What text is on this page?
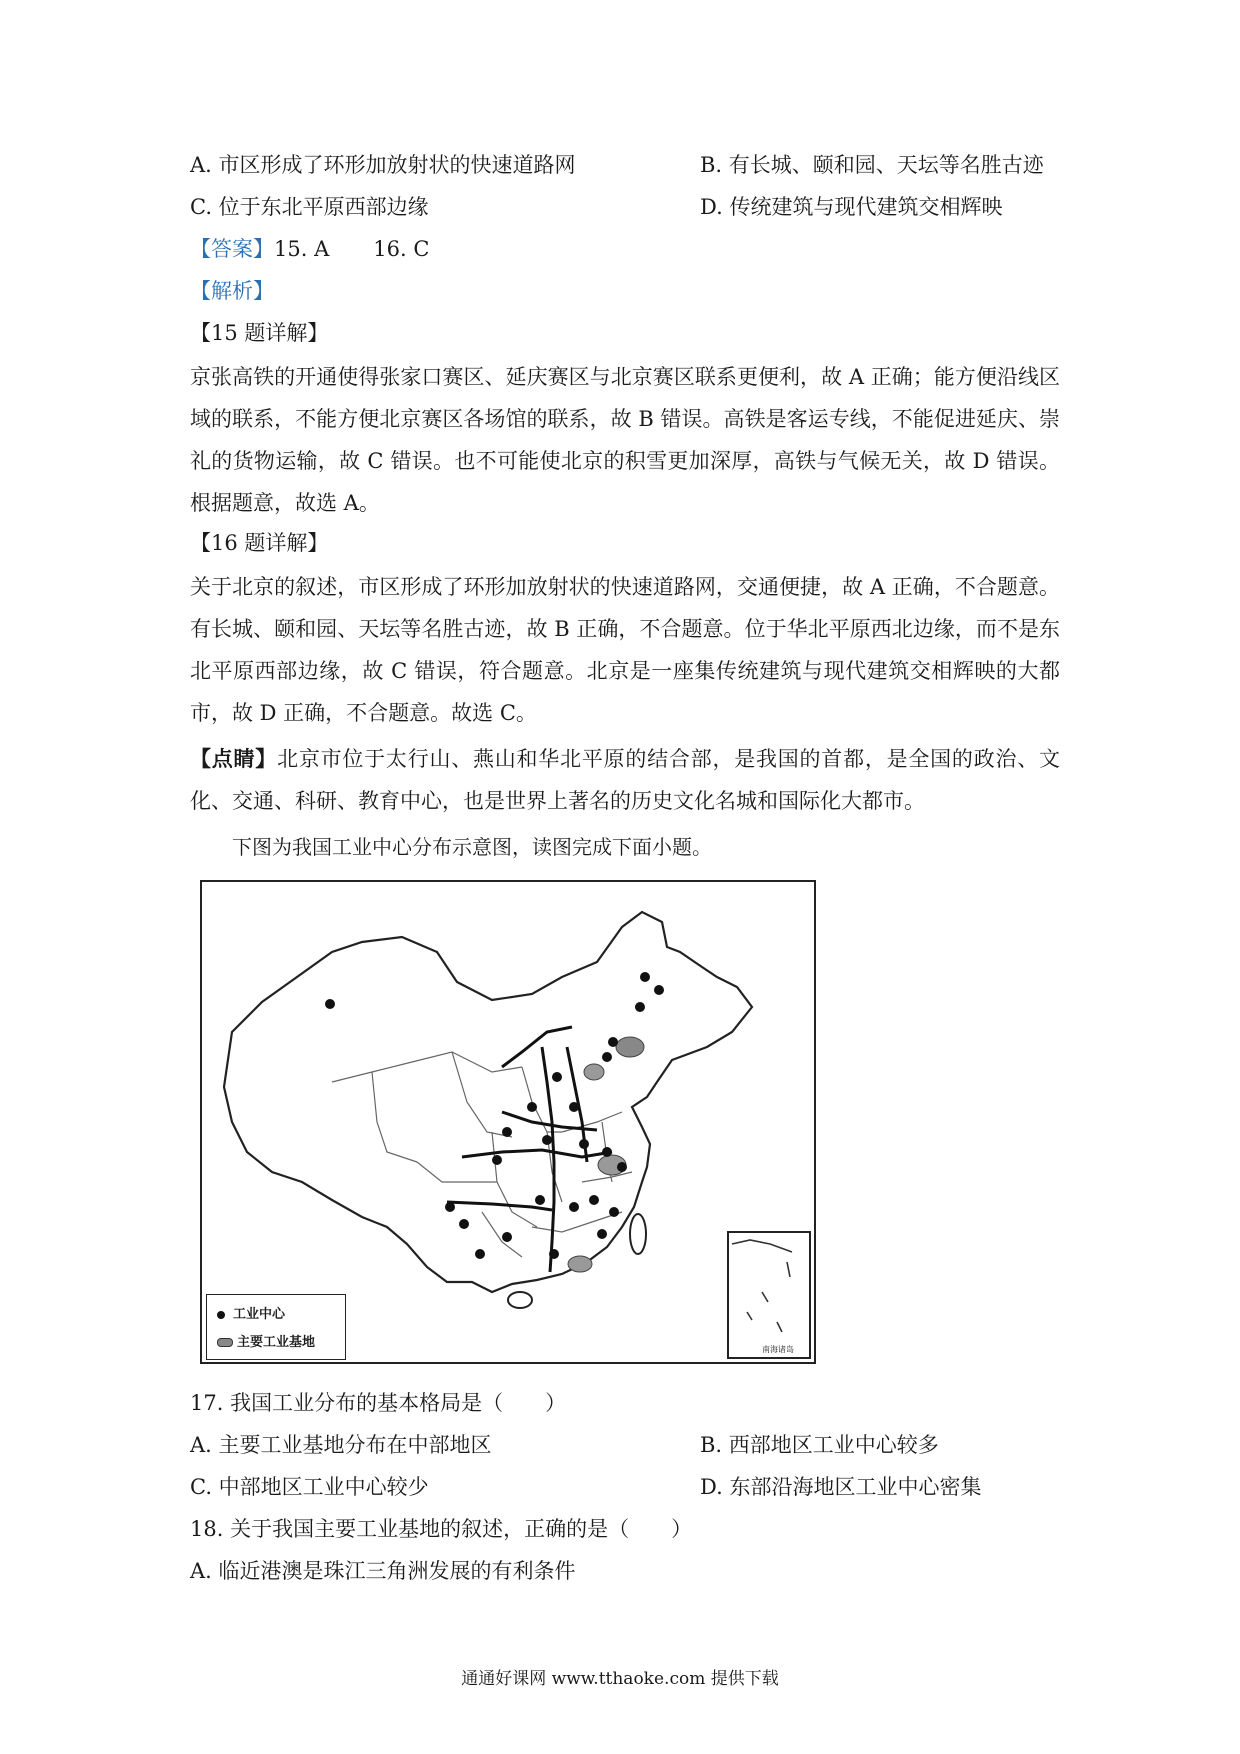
A. 市区形成了环形加放射状的快速道路网	B. 有长城、颐和园、天坛等名胜古迹
C. 位于东北平原西部边缘	D. 传统建筑与现代建筑交相辉映
【答案】15. A 16. C
【解析】
【15 题详解】
京张高铁的开通使得张家口赛区、延庆赛区与北京赛区联系更便利，故 A 正确；能方便沿线区域的联系，不能方便北京赛区各场馆的联系，故 B 错误。高铁是客运专线，不能促进延庆、崇礼的货物运输，故 C 错误。也不可能使北京的积雪更加深厚，高铁与气候无关，故 D 错误。根据题意，故选 A。
【16 题详解】
关于北京的叙述，市区形成了环形加放射状的快速道路网，交通便捷，故 A 正确，不合题意。有长城、颐和园、天坛等名胜古迹，故 B 正确，不合题意。位于华北平原西北边缘，而不是东北平原西部边缘，故 C 错误，符合题意。北京是一座集传统建筑与现代建筑交相辉映的大都市，故 D 正确，不合题意。故选 C。
【点睛】北京市位于太行山、燕山和华北平原的结合部，是我国的首都，是全国的政治、文化、交通、科研、教育中心，也是世界上著名的历史文化名城和国际化大都市。
下图为我国工业中心分布示意图，读图完成下面小题。
工业中心
主要工业基地	南海诸岛
17. 我国工业分布的基本格局是（　　）
A. 主要工业基地分布在中部地区	B. 西部地区工业中心较多
C. 中部地区工业中心较少	D. 东部沿海地区工业中心密集
18. 关于我国主要工业基地的叙述，正确的是（　　）
A. 临近港澳是珠江三角洲发展的有利条件
通通好课网 www.tthaoke.com 提供下载
